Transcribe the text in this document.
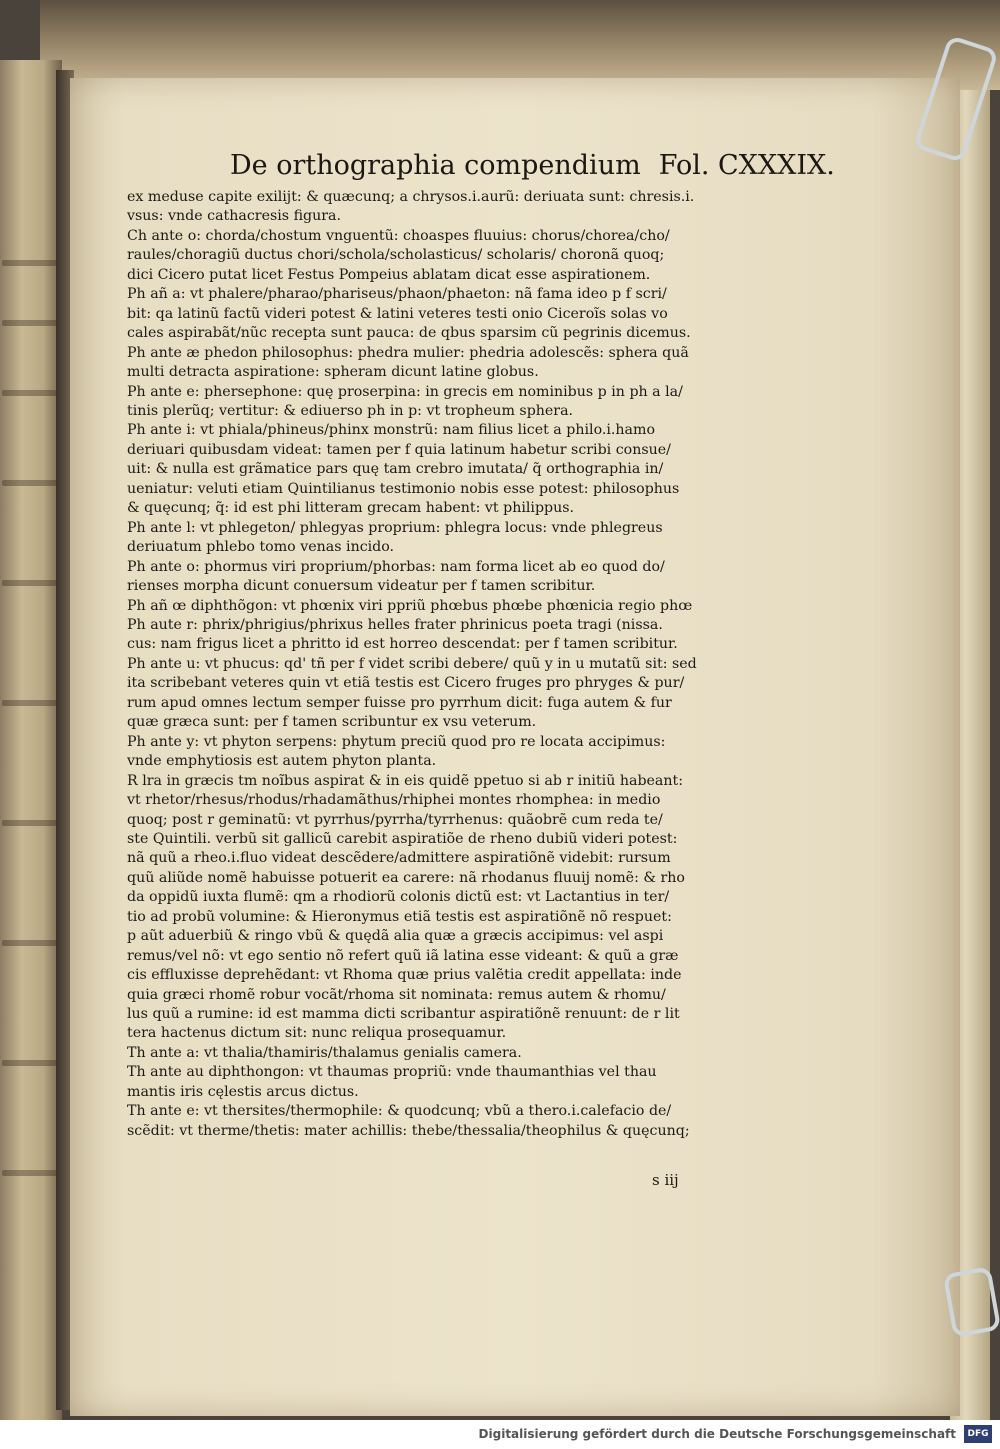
De orthographia compendium Fol. CXXXIX.
ex meduse capite exilijt: & quæcunq; a chrysos.i.aurũ: deriuata sunt: chresis.i.
vsus: vnde cathacresis figura.
Ch ante o: chorda/chostum vnguentũ: choaspes fluuius: chorus/chorea/cho/
raules/choragiũ ductus chori/schola/scholasticus/ scholaris/ choronã quoq;
dici Cicero putat licet Festus Pompeius ablatam dicat esse aspirationem.
Ph añ a: vt phalere/pharao/phariseus/phaon/phaeton: nã fama ideo p f scri/
bit: qa latinũ factũ videri potest & latini veteres testi onio Ciceroĩs solas vo
cales aspirabãt/nũc recepta sunt pauca: de qbus sparsim cũ pegrinis dicemus.
Ph ante æ phedon philosophus: phedra mulier: phedria adolescẽs: sphera quã
multi detracta aspiratione: spheram dicunt latine globus.
Ph ante e: phersephone: quę proserpina: in grecis em nominibus p in ph a la/
tinis plerũq; vertitur: & ediuerso ph in p: vt tropheum sphera.
Ph ante i: vt phiala/phineus/phinx monstrũ: nam filius licet a philo.i.hamo
deriuari quibusdam videat: tamen per f quia latinum habetur scribi consue/
uit: & nulla est grãmatice pars quę tam crebro imutata/ q̃ orthographia in/
ueniatur: veluti etiam Quintilianus testimonio nobis esse potest: philosophus
& quęcunq; q̃: id est phi litteram grecam habent: vt philippus.
Ph ante l: vt phlegeton/ phlegyas proprium: phlegra locus: vnde phlegreus
deriuatum phlebo tomo venas incido.
Ph ante o: phormus viri proprium/phorbas: nam forma licet ab eo quod do/
rienses morpha dicunt conuersum videatur per f tamen scribitur.
Ph añ œ diphthõgon: vt phœnix viri ppriũ phœbus phœbe phœnicia regio phœ
Ph aute r: phrix/phrigius/phrixus helles frater phrinicus poeta tragi (nissa.
cus: nam frigus licet a phritto id est horreo descendat: per f tamen scribitur.
Ph ante u: vt phucus: qd' tñ per f videt scribi debere/ quũ y in u mutatũ sit: sed
ita scribebant veteres quin vt etiã testis est Cicero fruges pro phryges & pur/
rum apud omnes lectum semper fuisse pro pyrrhum dicit: fuga autem & fur
quæ græca sunt: per f tamen scribuntur ex vsu veterum.
Ph ante y: vt phyton serpens: phytum preciũ quod pro re locata accipimus:
vnde emphytiosis est autem phyton planta.
R lra in græcis tm noĩbus aspirat & in eis quidẽ ppetuo si ab r initiũ habeant:
vt rhetor/rhesus/rhodus/rhadamãthus/rhiphei montes rhomphea: in medio
quoq; post r geminatũ: vt pyrrhus/pyrrha/tyrrhenus: quãobrẽ cum reda te/
ste Quintili. verbũ sit gallicũ carebit aspiratiõe de rheno dubiũ videri potest:
nã quũ a rheo.i.fluo videat descẽdere/admittere aspiratiõnẽ videbit: rursum
quũ aliũde nomẽ habuisse potuerit ea carere: nã rhodanus fluuij nomẽ: & rho
da oppidũ iuxta flumẽ: qm a rhodiorũ colonis dictũ est: vt Lactantius in ter/
tio ad probũ volumine: & Hieronymus etiã testis est aspiratiõnẽ nõ respuet:
p aũt aduerbiũ & ringo vbũ & quędã alia quæ a græcis accipimus: vel aspi
remus/vel nõ: vt ego sentio nõ refert quũ iã latina esse videant: & quũ a græ
cis effluxisse deprehẽdant: vt Rhoma quæ prius valẽtia credit appellata: inde
quia græci rhomẽ robur vocãt/rhoma sit nominata: remus autem & rhomu/
lus quũ a rumine: id est mamma dicti scribantur aspiratiõnẽ renuunt: de r lit
tera hactenus dictum sit: nunc reliqua prosequamur.
Th ante a: vt thalia/thamiris/thalamus genialis camera.
Th ante au diphthongon: vt thaumas propriũ: vnde thaumanthias vel thau
mantis iris cęlestis arcus dictus.
Th ante e: vt thersites/thermophile: & quodcunq; vbũ a thero.i.calefacio de/
scẽdit: vt therme/thetis: mater achillis: thebe/thessalia/theophilus & quęcunq;
s iij
Digitalisierung gefördert durch die Deutsche Forschungsgemeinschaft	DFG
